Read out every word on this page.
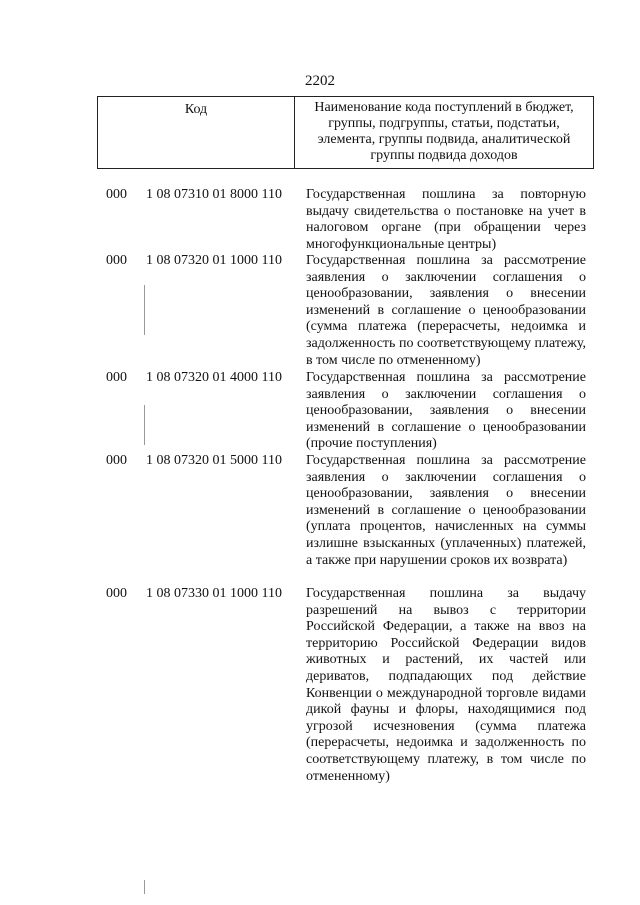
2202
Код	Наименование кода поступлений в бюджет, группы, подгруппы, статьи, подстатьи, элемента, группы подвида, аналитической группы подвида доходов
000 1 08 07310 01 8000 110 Государственная пошлина за повторную выдачу свидетельства о постановке на учет в налоговом органе (при обращении через многофункциональные центры)
000 1 08 07320 01 1000 110 Государственная пошлина за рассмотрение заявления о заключении соглашения о ценообразовании, заявления о внесении изменений в соглашение о ценообразовании (сумма платежа (перерасчеты, недоимка и задолженность по соответствующему платежу, в том числе по отмененному)
000 1 08 07320 01 4000 110 Государственная пошлина за рассмотрение заявления о заключении соглашения о ценообразовании, заявления о внесении изменений в соглашение о ценообразовании (прочие поступления)
000 1 08 07320 01 5000 110 Государственная пошлина за рассмотрение заявления о заключении соглашения о ценообразовании, заявления о внесении изменений в соглашение о ценообразовании (уплата процентов, начисленных на суммы излишне взысканных (уплаченных) платежей, а также при нарушении сроков их возврата)
000 1 08 07330 01 1000 110 Государственная пошлина за выдачу разрешений на вывоз с территории Российской Федерации, а также на ввоз на территорию Российской Федерации видов животных и растений, их частей или дериватов, подпадающих под действие Конвенции о международной торговле видами дикой фауны и флоры, находящимися под угрозой исчезновения (сумма платежа (перерасчеты, недоимка и задолженность по соответствующему платежу, в том числе по отмененному)
